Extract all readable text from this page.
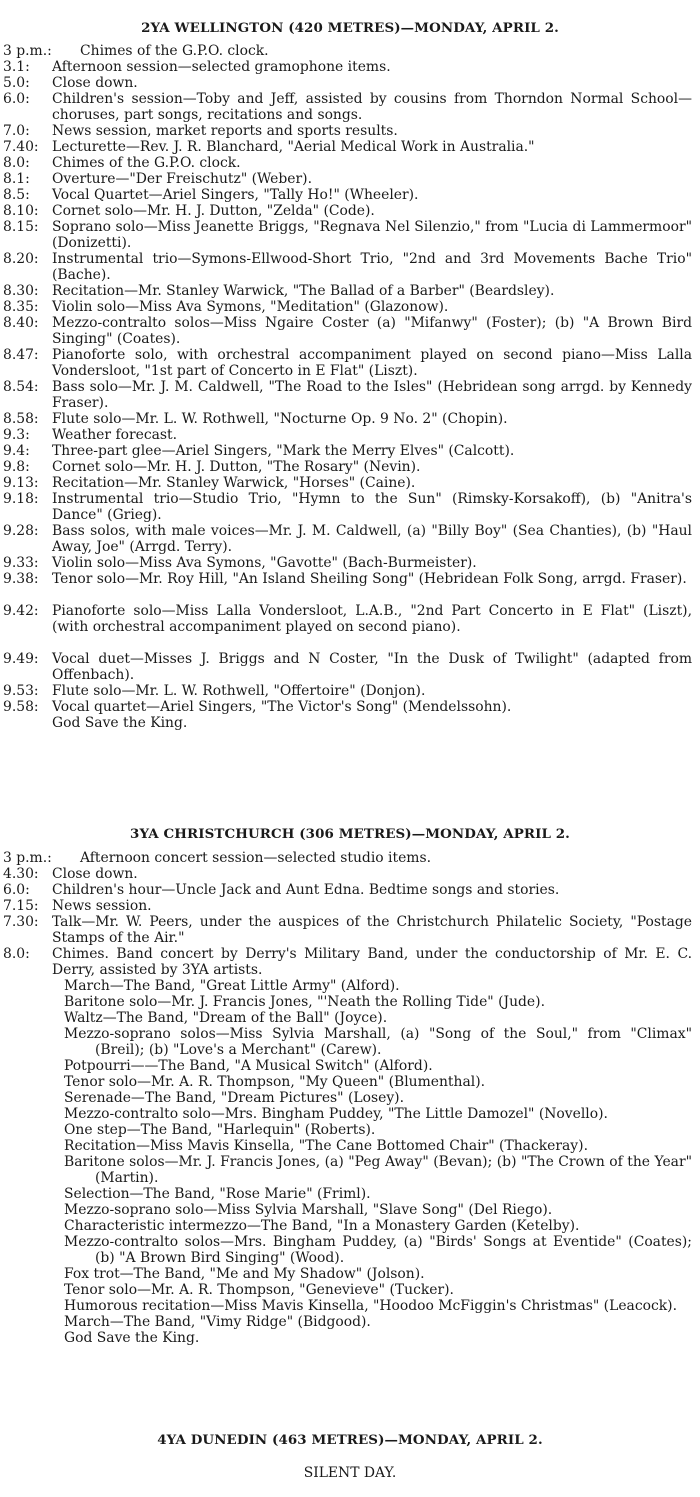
2YA WELLINGTON (420 METRES)—MONDAY, APRIL 2.
3 p.m.: Chimes of the G.P.O. clock.
3.1: Afternoon session—selected gramophone items.
5.0: Close down.
6.0: Children's session—Toby and Jeff, assisted by cousins from Thorndon Normal School—choruses, part songs, recitations and songs.
7.0: News session, market reports and sports results.
7.40: Lecturette—Rev. J. R. Blanchard, "Aerial Medical Work in Australia."
8.0: Chimes of the G.P.O. clock.
8.1: Overture—"Der Freischutz" (Weber).
8.5: Vocal Quartet—Ariel Singers, "Tally Ho!" (Wheeler).
8.10: Cornet solo—Mr. H. J. Dutton, "Zelda" (Code).
8.15: Soprano solo—Miss Jeanette Briggs, "Regnava Nel Silenzio," from "Lucia di Lammermoor" (Donizetti).
8.20: Instrumental trio—Symons-Ellwood-Short Trio, "2nd and 3rd Movements Bache Trio" (Bache).
8.30: Recitation—Mr. Stanley Warwick, "The Ballad of a Barber" (Beardsley).
8.35: Violin solo—Miss Ava Symons, "Meditation" (Glazonow).
8.40: Mezzo-contralto solos—Miss Ngaire Coster (a) "Mifanwy" (Foster); (b) "A Brown Bird Singing" (Coates).
8.47: Pianoforte solo, with orchestral accompaniment played on second piano—Miss Lalla Vondersloot, "1st part of Concerto in E Flat" (Liszt).
8.54: Bass solo—Mr. J. M. Caldwell, "The Road to the Isles" (Hebridean song arrgd. by Kennedy Fraser).
8.58: Flute solo—Mr. L. W. Rothwell, "Nocturne Op. 9 No. 2" (Chopin).
9.3: Weather forecast.
9.4: Three-part glee—Ariel Singers, "Mark the Merry Elves" (Calcott).
9.8: Cornet solo—Mr. H. J. Dutton, "The Rosary" (Nevin).
9.13: Recitation—Mr. Stanley Warwick, "Horses" (Caine).
9.18: Instrumental trio—Studio Trio, "Hymn to the Sun" (Rimsky-Korsakoff), (b) "Anitra's Dance" (Grieg).
9.28: Bass solos, with male voices—Mr. J. M. Caldwell, (a) "Billy Boy" (Sea Chanties), (b) "Haul Away, Joe" (Arrgd. Terry).
9.33: Violin solo—Miss Ava Symons, "Gavotte" (Bach-Burmeister).
9.38: Tenor solo—Mr. Roy Hill, "An Island Sheiling Song" (Hebridean Folk Song, arrgd. Fraser).
9.42: Pianoforte solo—Miss Lalla Vondersloot, L.A.B., "2nd Part Concerto in E Flat" (Liszt), (with orchestral accompaniment played on second piano).
9.49: Vocal duet—Misses J. Briggs and N Coster, "In the Dusk of Twilight" (adapted from Offenbach).
9.53: Flute solo—Mr. L. W. Rothwell, "Offertoire" (Donjon).
9.58: Vocal quartet—Ariel Singers, "The Victor's Song" (Mendelssohn).
God Save the King.
3YA CHRISTCHURCH (306 METRES)—MONDAY, APRIL 2.
3 p.m.: Afternoon concert session—selected studio items.
4.30: Close down.
6.0: Children's hour—Uncle Jack and Aunt Edna. Bedtime songs and stories.
7.15: News session.
7.30: Talk—Mr. W. Peers, under the auspices of the Christchurch Philatelic Society, "Postage Stamps of the Air."
8.0: Chimes. Band concert by Derry's Military Band, under the conductorship of Mr. E. C. Derry, assisted by 3YA artists.
March—The Band, "Great Little Army" (Alford).
Baritone solo—Mr. J. Francis Jones, "'Neath the Rolling Tide" (Jude).
Waltz—The Band, "Dream of the Ball" (Joyce).
Mezzo-soprano solos—Miss Sylvia Marshall, (a) "Song of the Soul," from "Climax" (Breil); (b) "Love's a Merchant" (Carew).
Potpourri——The Band, "A Musical Switch" (Alford).
Tenor solo—Mr. A. R. Thompson, "My Queen" (Blumenthal).
Serenade—The Band, "Dream Pictures" (Losey).
Mezzo-contralto solo—Mrs. Bingham Puddey, "The Little Damozel" (Novello).
One step—The Band, "Harlequin" (Roberts).
Recitation—Miss Mavis Kinsella, "The Cane Bottomed Chair" (Thackeray).
Baritone solos—Mr. J. Francis Jones, (a) "Peg Away" (Bevan); (b) "The Crown of the Year" (Martin).
Selection—The Band, "Rose Marie" (Friml).
Mezzo-soprano solo—Miss Sylvia Marshall, "Slave Song" (Del Riego).
Characteristic intermezzo—The Band, "In a Monastery Garden (Ketelby).
Mezzo-contralto solos—Mrs. Bingham Puddey, (a) "Birds' Songs at Eventide" (Coates); (b) "A Brown Bird Singing" (Wood).
Fox trot—The Band, "Me and My Shadow" (Jolson).
Tenor solo—Mr. A. R. Thompson, "Genevieve" (Tucker).
Humorous recitation—Miss Mavis Kinsella, "Hoodoo McFiggin's Christmas" (Leacock).
March—The Band, "Vimy Ridge" (Bidgood).
God Save the King.
4YA DUNEDIN (463 METRES)—MONDAY, APRIL 2.
SILENT DAY.
